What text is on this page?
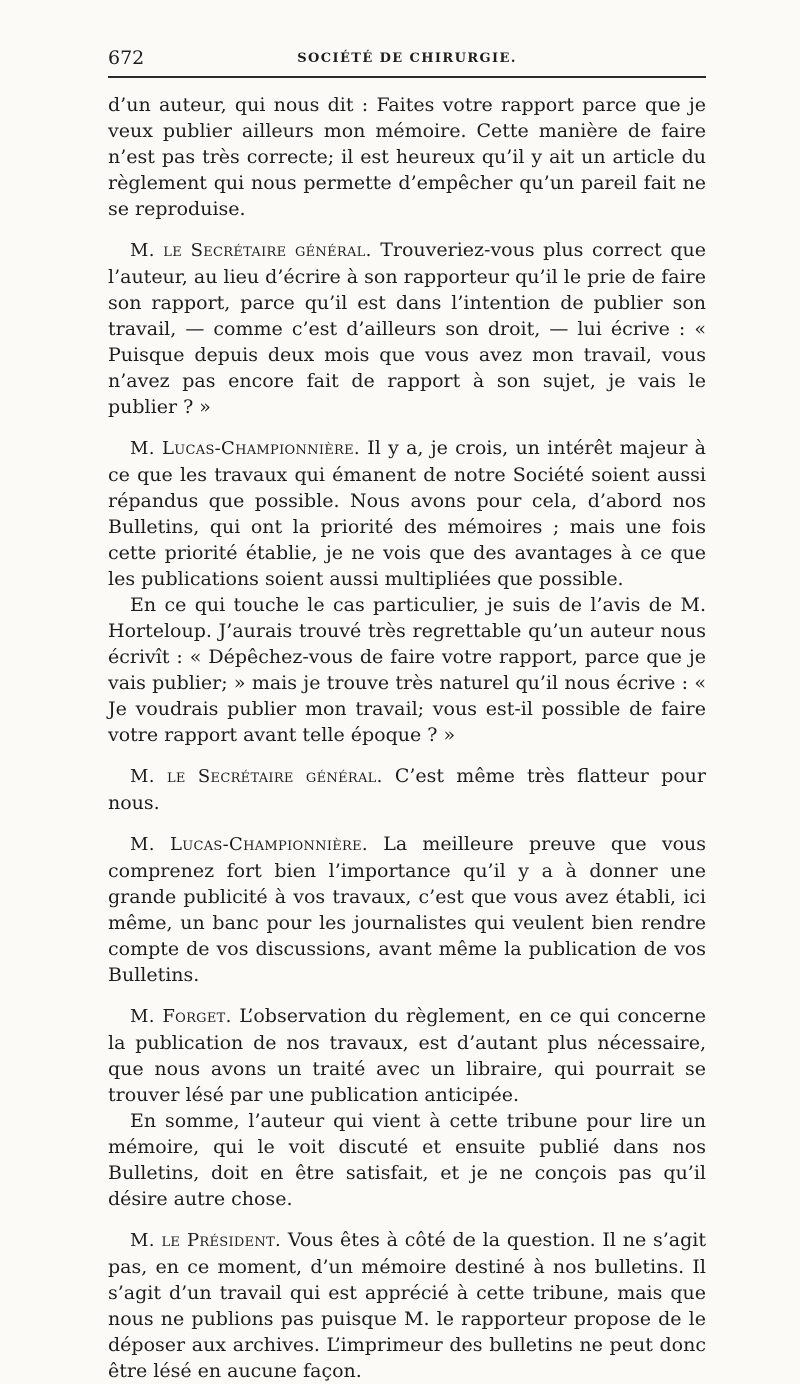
672	SOCIÉTÉ DE CHIRURGIE.

d’un auteur, qui nous dit : Faites votre rapport parce que je veux publier ailleurs mon mémoire. Cette manière de faire n’est pas très correcte; il est heureux qu’il y ait un article du règlement qui nous permette d’empêcher qu’un pareil fait ne se reproduise.

M. le Secrétaire général. Trouveriez-vous plus correct que l’auteur, au lieu d’écrire à son rapporteur qu’il le prie de faire son rapport, parce qu’il est dans l’intention de publier son travail, — comme c’est d’ailleurs son droit, — lui écrive : « Puisque depuis deux mois que vous avez mon travail, vous n’avez pas encore fait de rapport à son sujet, je vais le publier ? »

M. Lucas-Championnière. Il y a, je crois, un intérêt majeur à ce que les travaux qui émanent de notre Société soient aussi répandus que possible. Nous avons pour cela, d’abord nos Bulletins, qui ont la priorité des mémoires ; mais une fois cette priorité établie, je ne vois que des avantages à ce que les publications soient aussi multipliées que possible.

En ce qui touche le cas particulier, je suis de l’avis de M. Horteloup. J’aurais trouvé très regrettable qu’un auteur nous écrivît : « Dépêchez-vous de faire votre rapport, parce que je vais publier; » mais je trouve très naturel qu’il nous écrive : « Je voudrais publier mon travail; vous est-il possible de faire votre rapport avant telle époque ? »

M. le Secrétaire général. C’est même très flatteur pour nous.

M. Lucas-Championnière. La meilleure preuve que vous comprenez fort bien l’importance qu’il y a à donner une grande publicité à vos travaux, c’est que vous avez établi, ici même, un banc pour les journalistes qui veulent bien rendre compte de vos discussions, avant même la publication de vos Bulletins.

M. Forget. L’observation du règlement, en ce qui concerne la publication de nos travaux, est d’autant plus nécessaire, que nous avons un traité avec un libraire, qui pourrait se trouver lésé par une publication anticipée.

En somme, l’auteur qui vient à cette tribune pour lire un mémoire, qui le voit discuté et ensuite publié dans nos Bulletins, doit en être satisfait, et je ne conçois pas qu’il désire autre chose.

M. le Président. Vous êtes à côté de la question. Il ne s’agit pas, en ce moment, d’un mémoire destiné à nos bulletins. Il s’agit d’un travail qui est apprécié à cette tribune, mais que nous ne publions pas puisque M. le rapporteur propose de le déposer aux archives. L’imprimeur des bulletins ne peut donc être lésé en aucune façon.
